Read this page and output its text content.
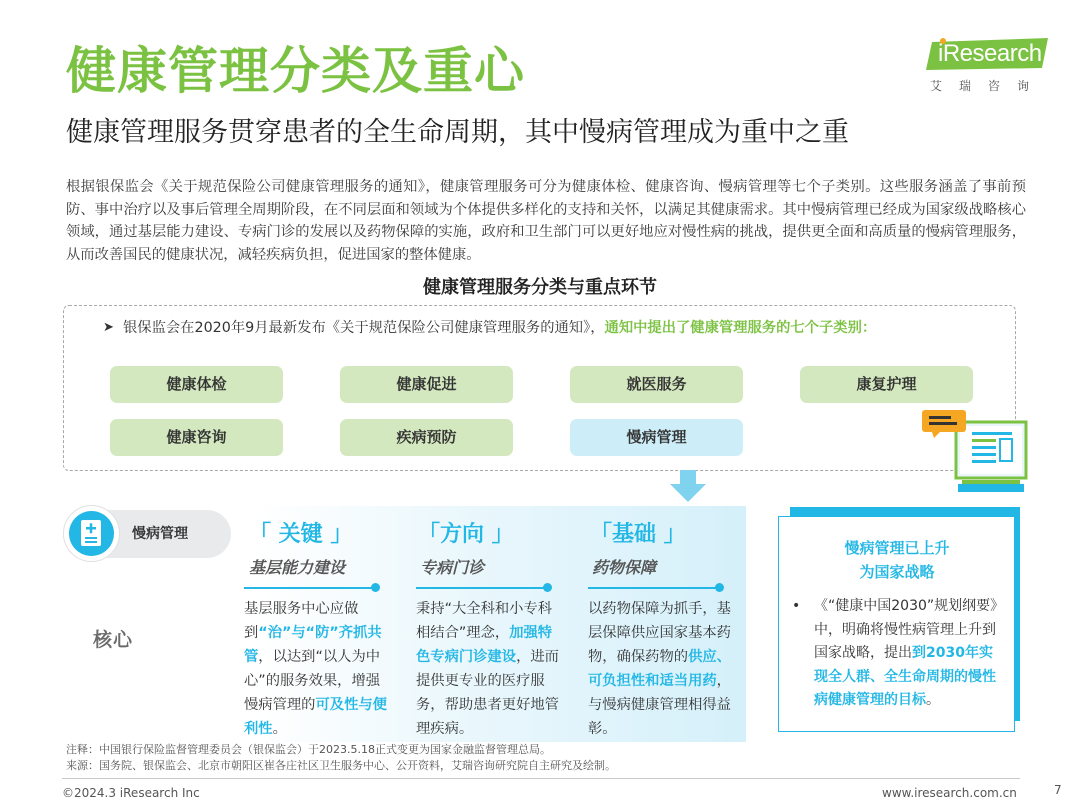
健康管理分类及重心
健康管理服务贯穿患者的全生命周期，其中慢病管理成为重中之重
iResearch
艾瑞咨询
根据银保监会《关于规范保险公司健康管理服务的通知》，健康管理服务可分为健康体检、健康咨询、慢病管理等七个子类别。这些服务涵盖了事前预防、事中治疗以及事后管理全周期阶段，在不同层面和领域为个体提供多样化的支持和关怀，以满足其健康需求。其中慢病管理已经成为国家级战略核心领域，通过基层能力建设、专病门诊的发展以及药物保障的实施，政府和卫生部门可以更好地应对慢性病的挑战，提供更全面和高质量的慢病管理服务，从而改善国民的健康状况，减轻疾病负担，促进国家的整体健康。
健康管理服务分类与重点环节
➤ 银保监会在2020年9月最新发布《关于规范保险公司健康管理服务的通知》，通知中提出了健康管理服务的七个子类别：
健康体检	健康促进	就医服务	康复护理
健康咨询	疾病预防	慢病管理
慢病管理
核心
「 关键 」
基层能力建设
基层服务中心应做到“治”与“防”齐抓共管，以达到“以人为中心”的服务效果，增强慢病管理的可及性与便利性。
「方向 」
专病门诊
秉持“大全科和小专科相结合”理念，加强特色专病门诊建设，进而提供更专业的医疗服务，帮助患者更好地管理疾病。
「基础 」
药物保障
以药物保障为抓手，基层保障供应国家基本药物，确保药物的供应、可负担性和适当用药，与慢病健康管理相得益彰。
慢病管理已上升
为国家战略
• 《“健康中国2030”规划纲要》中，明确将慢性病管理上升到国家战略，提出到2030年实现全人群、全生命周期的慢性病健康管理的目标。
注释：中国银行保险监督管理委员会（银保监会）于2023.5.18正式变更为国家金融监督管理总局。
来源：国务院、银保监会、北京市朝阳区崔各庄社区卫生服务中心、公开资料，艾瑞咨询研究院自主研究及绘制。
©2024.3 iResearch Inc	www.iresearch.com.cn	7
